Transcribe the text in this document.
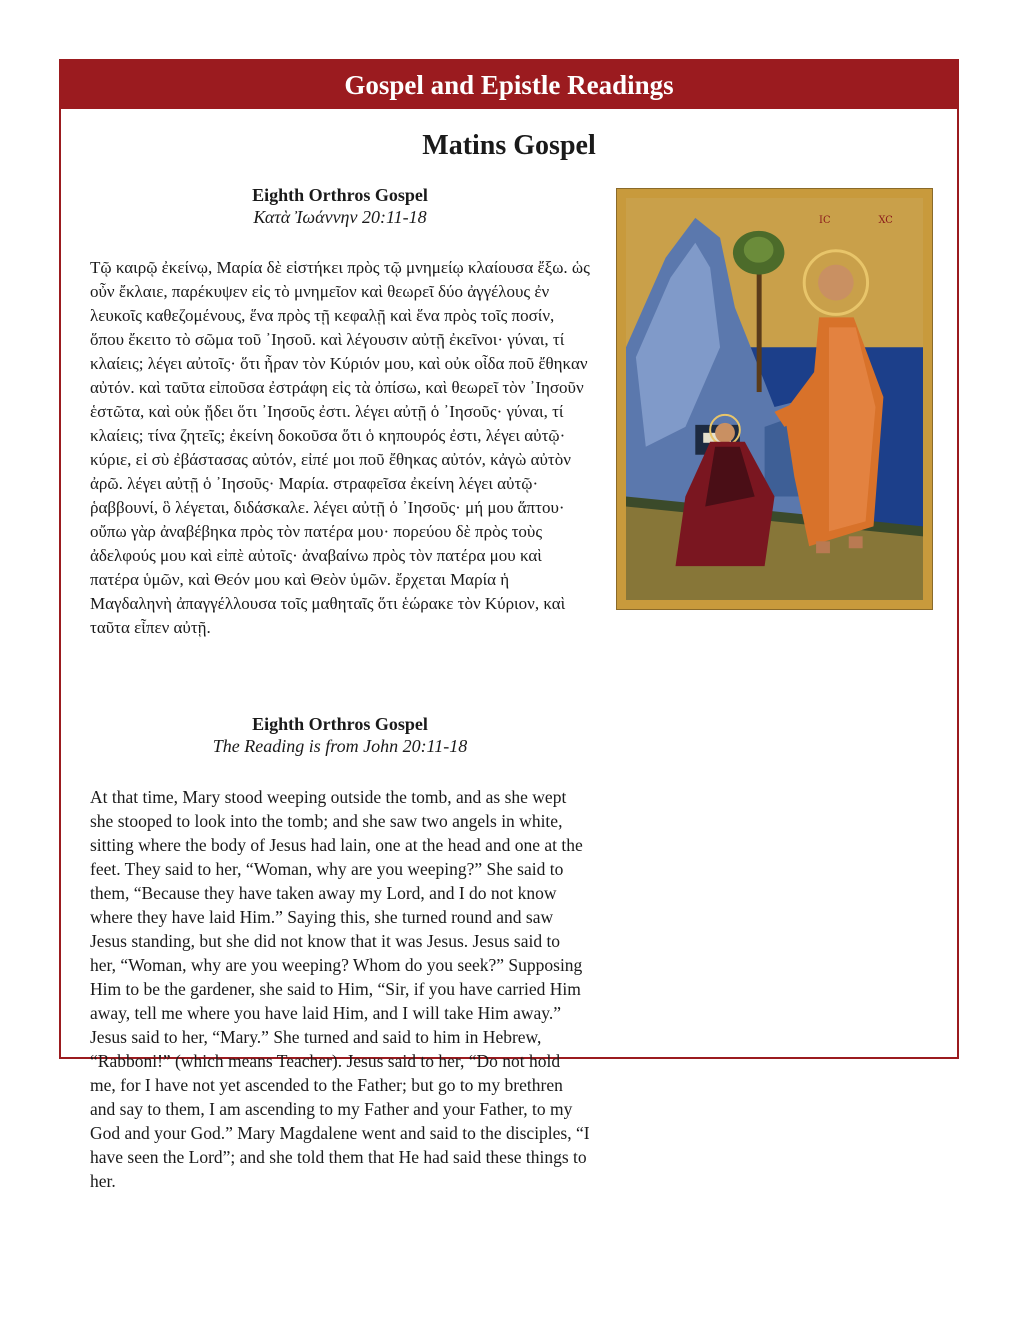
Gospel and Epistle Readings
Matins Gospel
Eighth Orthros Gospel
Κατὰ Ἰωάννην 20:11-18
Τῷ καιρῷ ἐκείνῳ, Μαρία δὲ εἱστήκει πρὸς τῷ μνημείῳ κλαίουσα ἔξω. ὡς οὖν ἔκλαιε, παρέκυψεν εἰς τὸ μνημεῖον καὶ θεωρεῖ δύο ἀγγέλους ἐν λευκοῖς καθεζομένους, ἕνα πρὸς τῇ κεφαλῇ καὶ ἕνα πρὸς τοῖς ποσίν, ὅπου ἔκειτο τὸ σῶμα τοῦ ᾿Ιησοῦ. καὶ λέγουσιν αὐτῇ ἐκεῖνοι· γύναι, τί κλαίεις; λέγει αὐτοῖς· ὅτι ἦραν τὸν Κύριόν μου, καὶ οὐκ οἶδα ποῦ ἔθηκαν αὐτόν. καὶ ταῦτα εἰποῦσα ἐστράφη εἰς τὰ ὀπίσω, καὶ θεωρεῖ τὸν ᾿Ιησοῦν ἑστῶτα, καὶ οὐκ ᾔδει ὅτι ᾿Ιησοῦς ἐστι. λέγει αὐτῇ ὁ ᾿Ιησοῦς· γύναι, τί κλαίεις; τίνα ζητεῖς; ἐκείνη δοκοῦσα ὅτι ὁ κηπουρός ἐστι, λέγει αὐτῷ· κύριε, εἰ σὺ ἐβάστασας αὐτόν, εἰπέ μοι ποῦ ἔθηκας αὐτόν, κἀγὼ αὐτὸν ἀρῶ. λέγει αὐτῇ ὁ ᾿Ιησοῦς· Μαρία. στραφεῖσα ἐκείνη λέγει αὐτῷ· ῥαββουνί, ὃ λέγεται, διδάσκαλε. λέγει αὐτῇ ὁ ᾿Ιησοῦς· μή μου ἅπτου· οὔπω γὰρ ἀναβέβηκα πρὸς τὸν πατέρα μου· πορεύου δὲ πρὸς τοὺς ἀδελφούς μου καὶ εἰπὲ αὐτοῖς· ἀναβαίνω πρὸς τὸν πατέρα μου καὶ πατέρα ὑμῶν, καὶ Θεόν μου καὶ Θεὸν ὑμῶν. ἔρχεται Μαρία ἡ Μαγδαληνὴ ἀπαγγέλλουσα τοῖς μαθηταῖς ὅτι ἑώρακε τὸν Κύριον, καὶ ταῦτα εἶπεν αὐτῇ.
Eighth Orthros Gospel
The Reading is from John 20:11-18
At that time, Mary stood weeping outside the tomb, and as she wept she stooped to look into the tomb; and she saw two angels in white, sitting where the body of Jesus had lain, one at the head and one at the feet. They said to her, “Woman, why are you weeping?” She said to them, “Because they have taken away my Lord, and I do not know where they have laid Him.” Saying this, she turned round and saw Jesus standing, but she did not know that it was Jesus. Jesus said to her, “Woman, why are you weeping? Whom do you seek?” Supposing Him to be the gardener, she said to Him, “Sir, if you have carried Him away, tell me where you have laid Him, and I will take Him away.” Jesus said to her, “Mary.” She turned and said to him in Hebrew, “Rabboni!” (which means Teacher). Jesus said to her, “Do not hold me, for I have not yet ascended to the Father; but go to my brethren and say to them, I am ascending to my Father and your Father, to my God and your God.” Mary Magdalene went and said to the disciples, “I have seen the Lord”; and she told them that He had said these things to her.
IC	XC
